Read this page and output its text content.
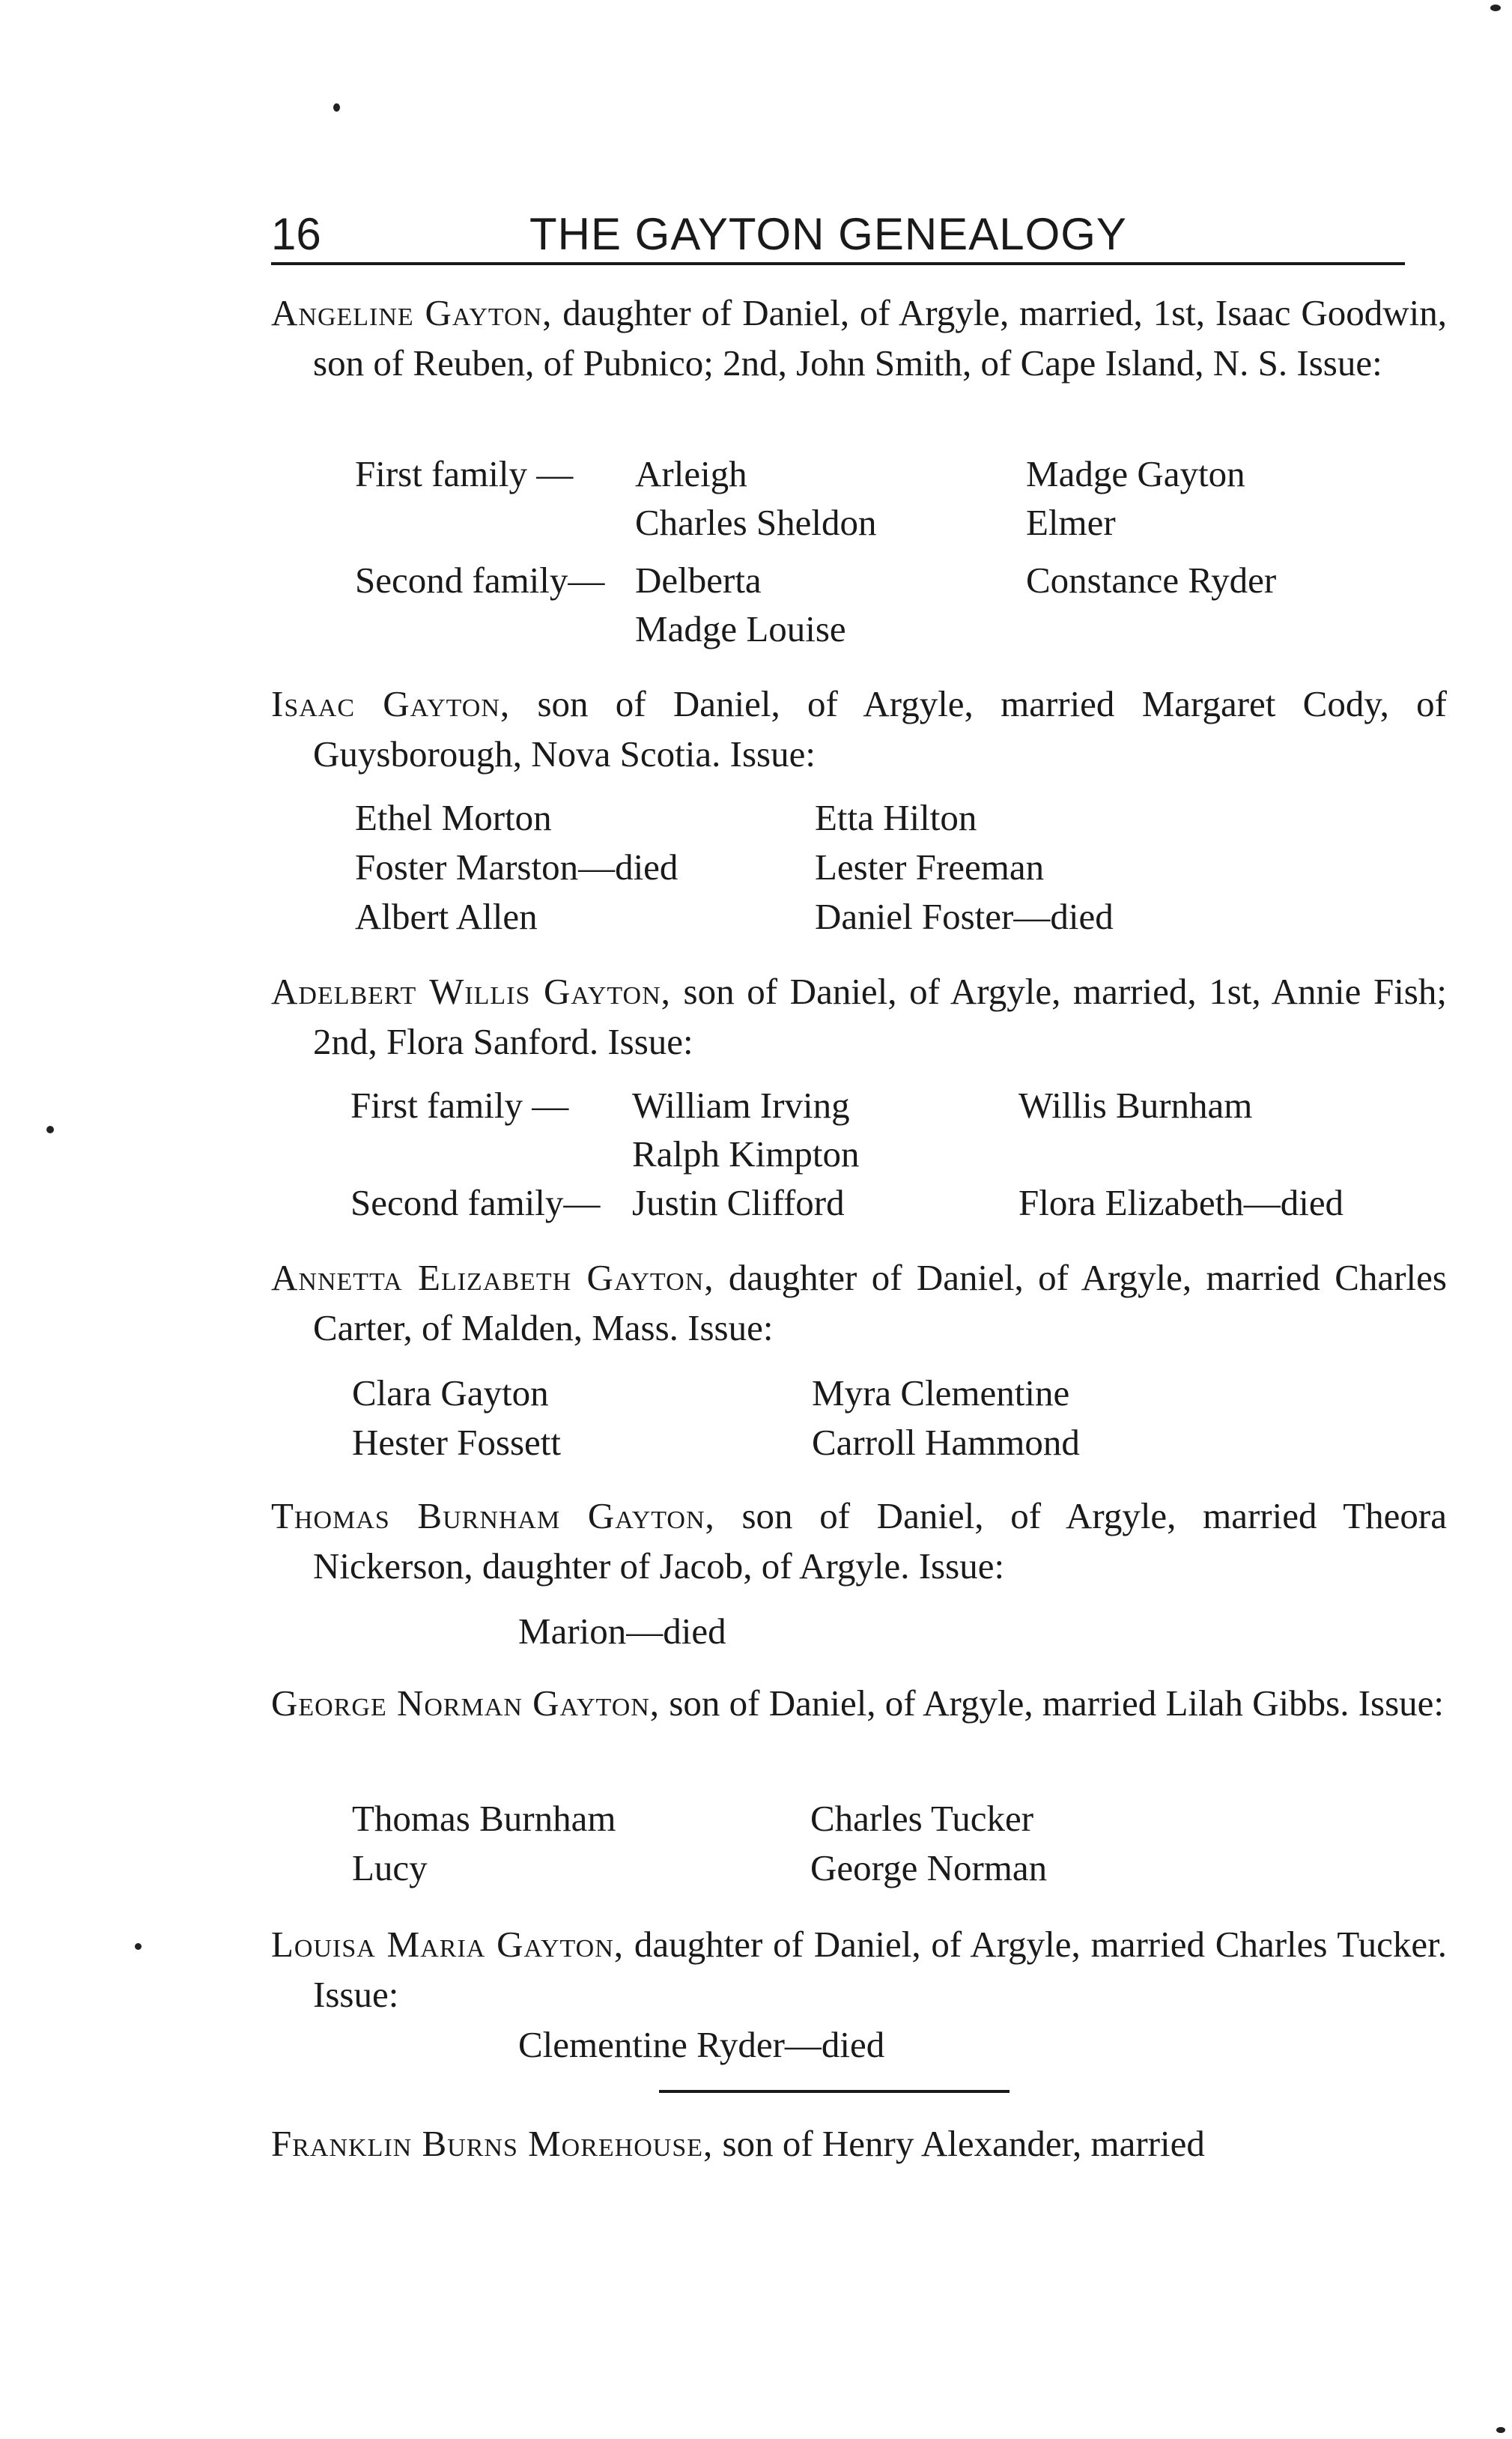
16	THE GAYTON GENEALOGY
Angeline Gayton, daughter of Daniel, of Argyle, married, 1st, Isaac Goodwin, son of Reuben, of Pubnico; 2nd, John Smith, of Cape Island, N. S. Issue:
First family — Arleigh
Charles Sheldon
Madge Gayton
Elmer
Second family— Delberta
Madge Louise
Constance Ryder
Isaac Gayton, son of Daniel, of Argyle, married Margaret Cody, of Guysborough, Nova Scotia. Issue:
Ethel Morton
Foster Marston—died
Albert Allen
Etta Hilton
Lester Freeman
Daniel Foster—died
Adelbert Willis Gayton, son of Daniel, of Argyle, married, 1st, Annie Fish; 2nd, Flora Sanford. Issue:
First family — William Irving
Ralph Kimpton
Willis Burnham
Second family— Justin Clifford	Flora Elizabeth—died
Annetta Elizabeth Gayton, daughter of Daniel, of Argyle, married Charles Carter, of Malden, Mass. Issue:
Clara Gayton
Hester Fossett
Myra Clementine
Carroll Hammond
Thomas Burnham Gayton, son of Daniel, of Argyle, married Theora Nickerson, daughter of Jacob, of Argyle. Issue:
Marion—died
George Norman Gayton, son of Daniel, of Argyle, married Lilah Gibbs. Issue:
Thomas Burnham
Lucy
Charles Tucker
George Norman
Louisa Maria Gayton, daughter of Daniel, of Argyle, married Charles Tucker. Issue:
Clementine Ryder—died
Franklin Burns Morehouse, son of Henry Alexander, married
